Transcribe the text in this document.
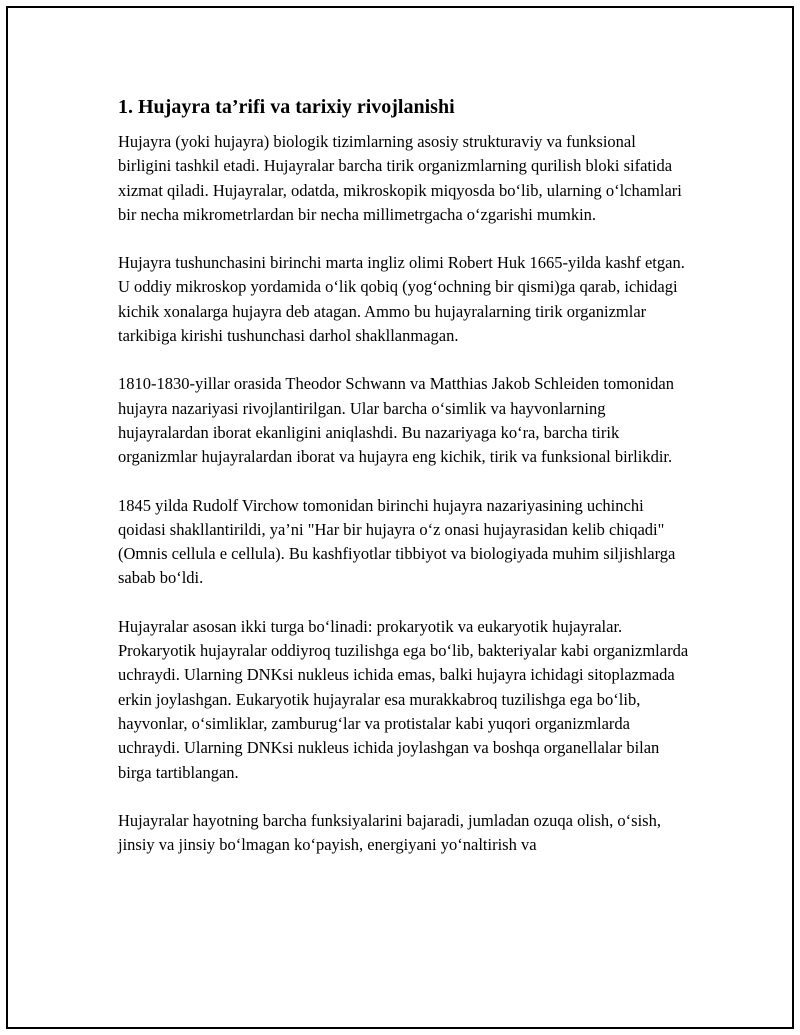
1. Hujayra ta’rifi va tarixiy rivojlanishi

Hujayra (yoki hujayra) biologik tizimlarning asosiy strukturaviy va funksional birligini tashkil etadi. Hujayralar barcha tirik organizmlarning qurilish bloki sifatida xizmat qiladi. Hujayralar, odatda, mikroskopik miqyosda boʻlib, ularning oʻlchamlari bir necha mikrometrlardan bir necha millimetrgacha oʻzgarishi mumkin.

Hujayra tushunchasini birinchi marta ingliz olimi Robert Huk 1665-yilda kashf etgan. U oddiy mikroskop yordamida oʻlik qobiq (yogʻochning bir qismi)ga qarab, ichidagi kichik xonalarga hujayra deb atagan. Ammo bu hujayralarning tirik organizmlar tarkibiga kirishi tushunchasi darhol shakllanmagan.

1810-1830-yillar orasida Theodor Schwann va Matthias Jakob Schleiden tomonidan hujayra nazariyasi rivojlantirilgan. Ular barcha oʻsimlik va hayvonlarning hujayralardan iborat ekanligini aniqlashdi. Bu nazariyaga koʻra, barcha tirik organizmlar hujayralardan iborat va hujayra eng kichik, tirik va funksional birlikdir.

1845 yilda Rudolf Virchow tomonidan birinchi hujayra nazariyasining uchinchi qoidasi shakllantirildi, ya’ni "Har bir hujayra oʻz onasi hujayrasidan kelib chiqadi" (Omnis cellula e cellula). Bu kashfiyotlar tibbiyot va biologiyada muhim siljishlarga sabab boʻldi.

Hujayralar asosan ikki turga boʻlinadi: prokaryotik va eukaryotik hujayralar. Prokaryotik hujayralar oddiyroq tuzilishga ega boʻlib, bakteriyalar kabi organizmlarda uchraydi. Ularning DNKsi nukleus ichida emas, balki hujayra ichidagi sitoplazmada erkin joylashgan. Eukaryotik hujayralar esa murakkabroq tuzilishga ega boʻlib, hayvonlar, oʻsimliklar, zamburugʻlar va protistalar kabi yuqori organizmlarda uchraydi. Ularning DNKsi nukleus ichida joylashgan va boshqa organellalar bilan birga tartiblangan.

Hujayralar hayotning barcha funksiyalarini bajaradi, jumladan ozuqa olish, oʻsish, jinsiy va jinsiy boʻlmagan koʻpayish, energiyani yoʻnaltirish va
